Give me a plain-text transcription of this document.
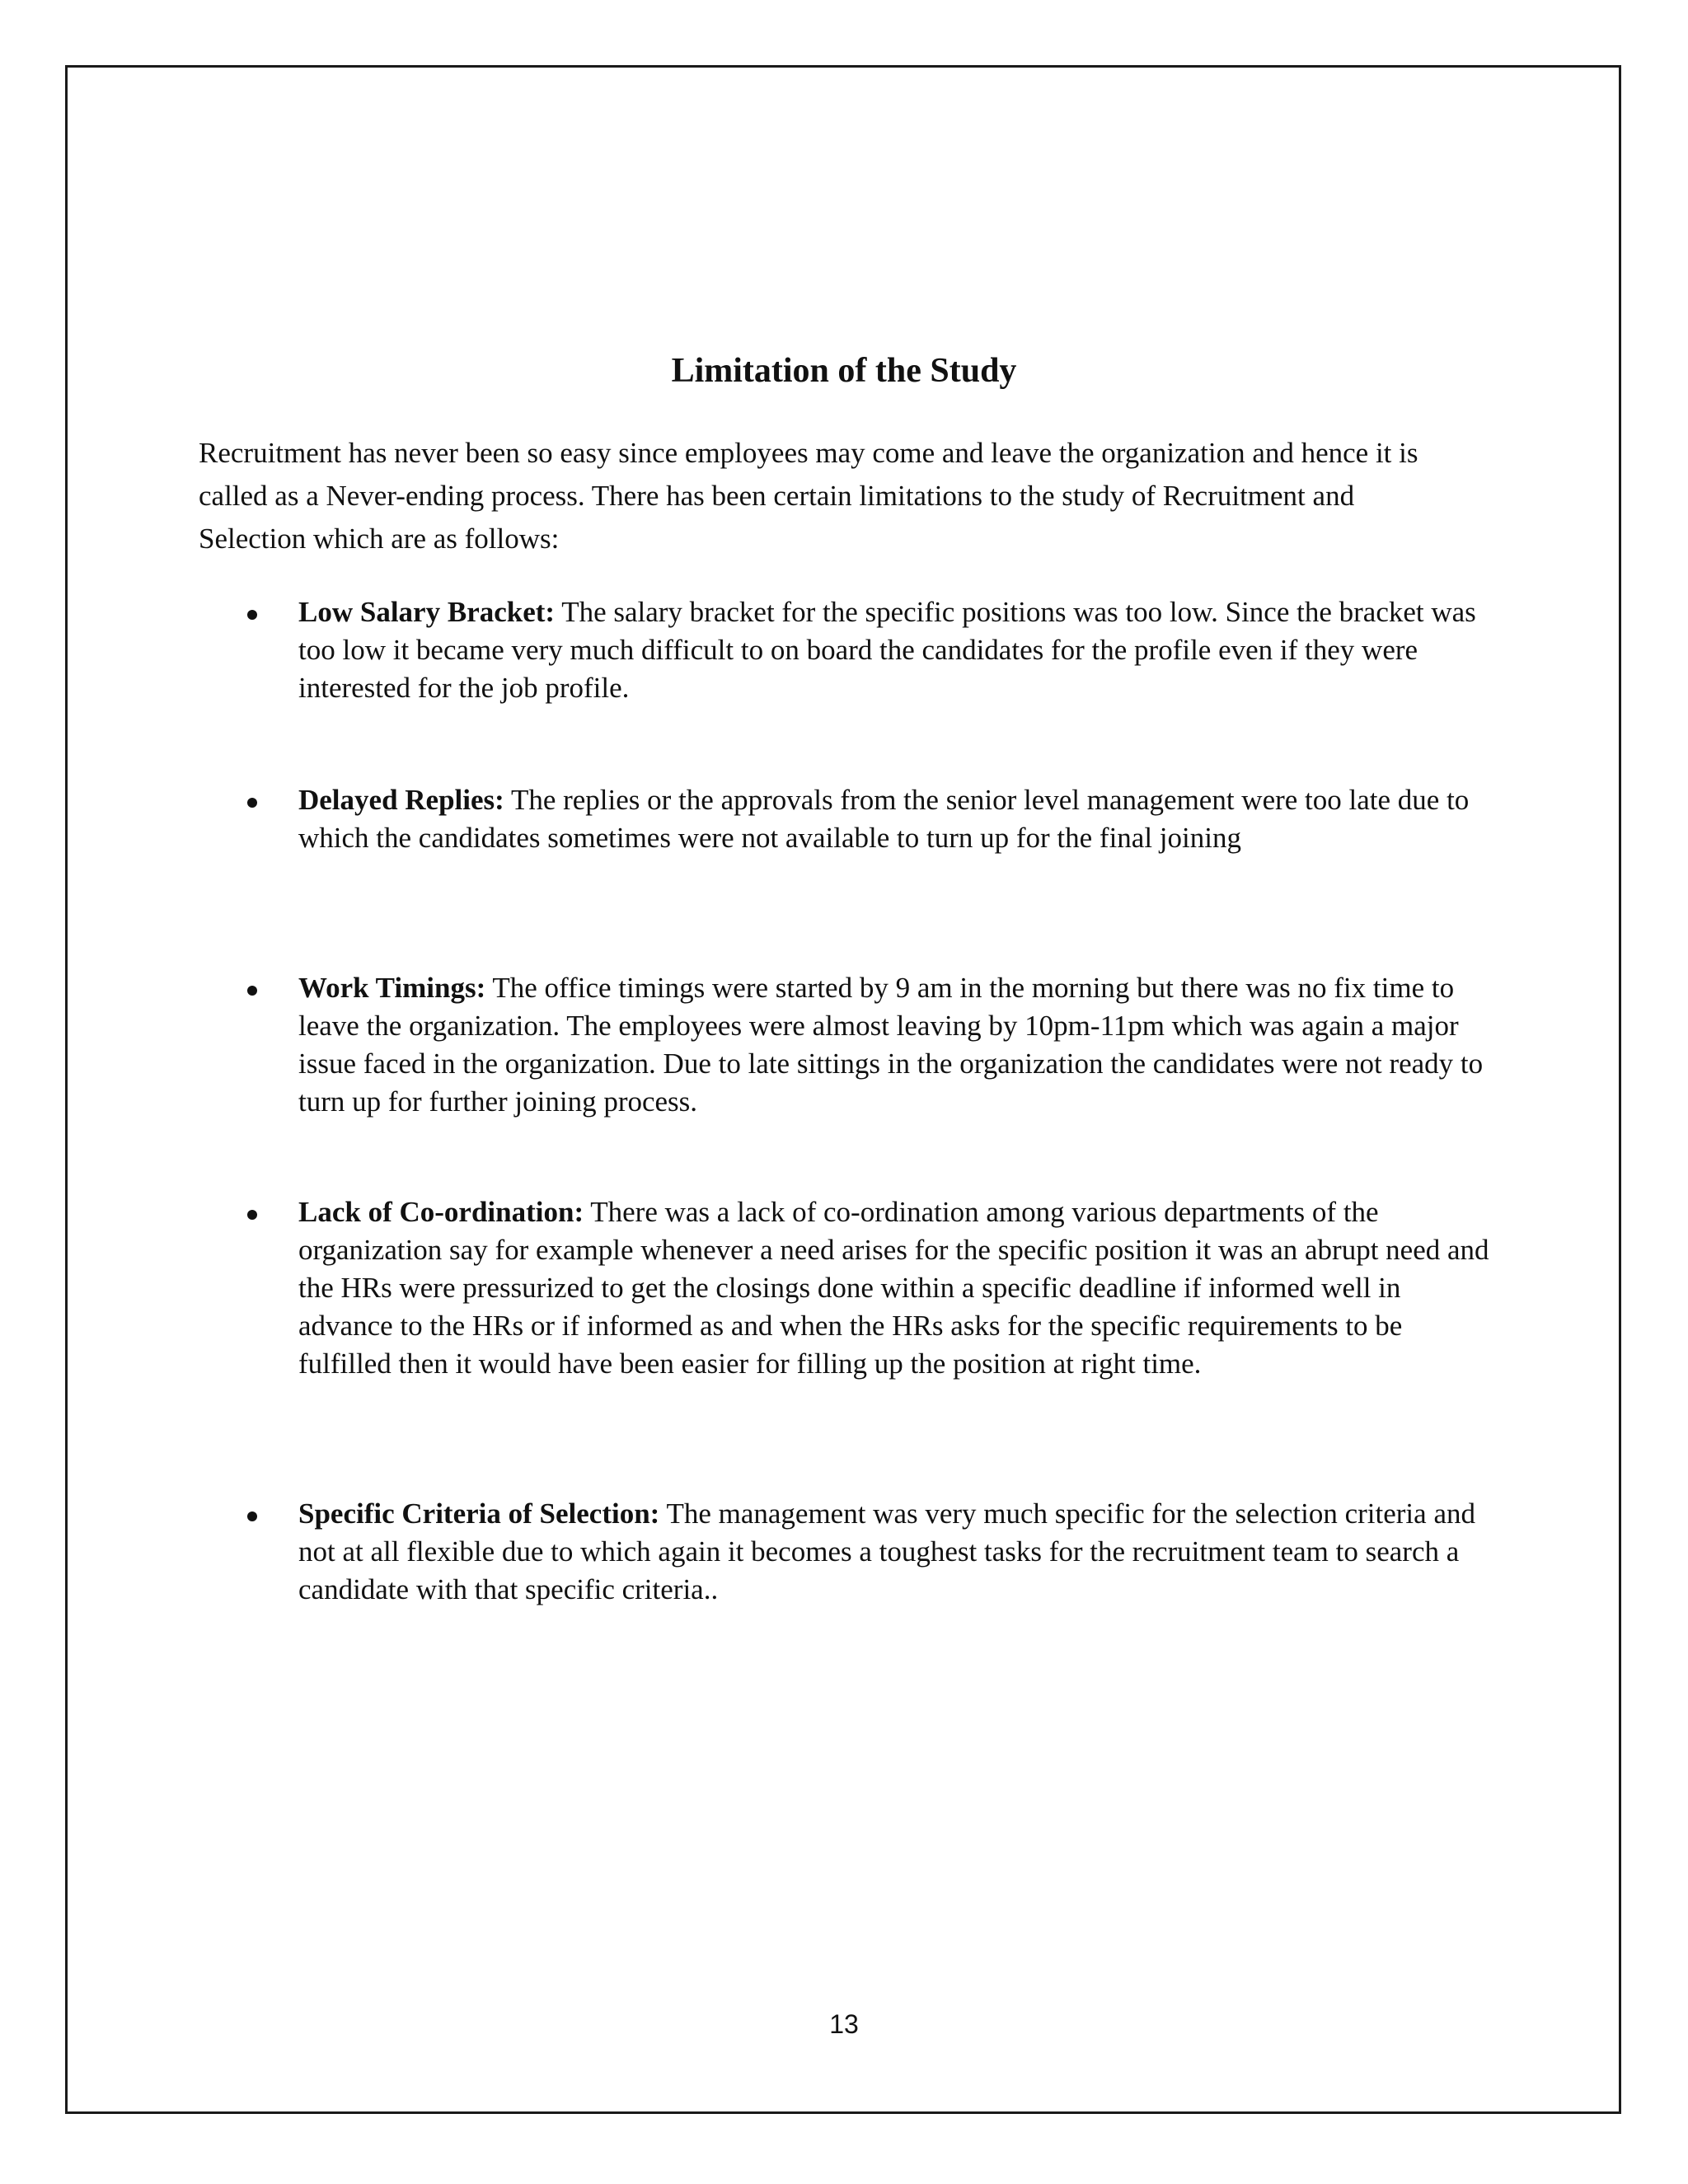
Limitation of the Study

Recruitment has never been so easy since employees may come and leave the organization and hence it is called as a Never-ending process. There has been certain limitations to the study of Recruitment and Selection which are as follows:

Low Salary Bracket: The salary bracket for the specific positions was too low. Since the bracket was too low it became very much difficult to on board the candidates for the profile even if they were interested for the job profile.
Delayed Replies: The replies or the approvals from the senior level management were too late due to which the candidates sometimes were not available to turn up for the final joining
Work Timings: The office timings were started by 9 am in the morning but there was no fix time to leave the organization. The employees were almost leaving by 10pm-11pm which was again a major issue faced in the organization. Due to late sittings in the organization the candidates were not ready to turn up for further joining process.
Lack of Co-ordination: There was a lack of co-ordination among various departments of the organization say for example whenever a need arises for the specific position it was an abrupt need and the HRs were pressurized to get the closings done within a specific deadline if informed well in advance to the HRs or if informed as and when the HRs asks for the specific requirements to be fulfilled then it would have been easier for filling up the position at right time.
Specific Criteria of Selection: The management was very much specific for the selection criteria and not at all flexible due to which again it becomes a toughest tasks for the recruitment team to search a candidate with that specific criteria..
13
